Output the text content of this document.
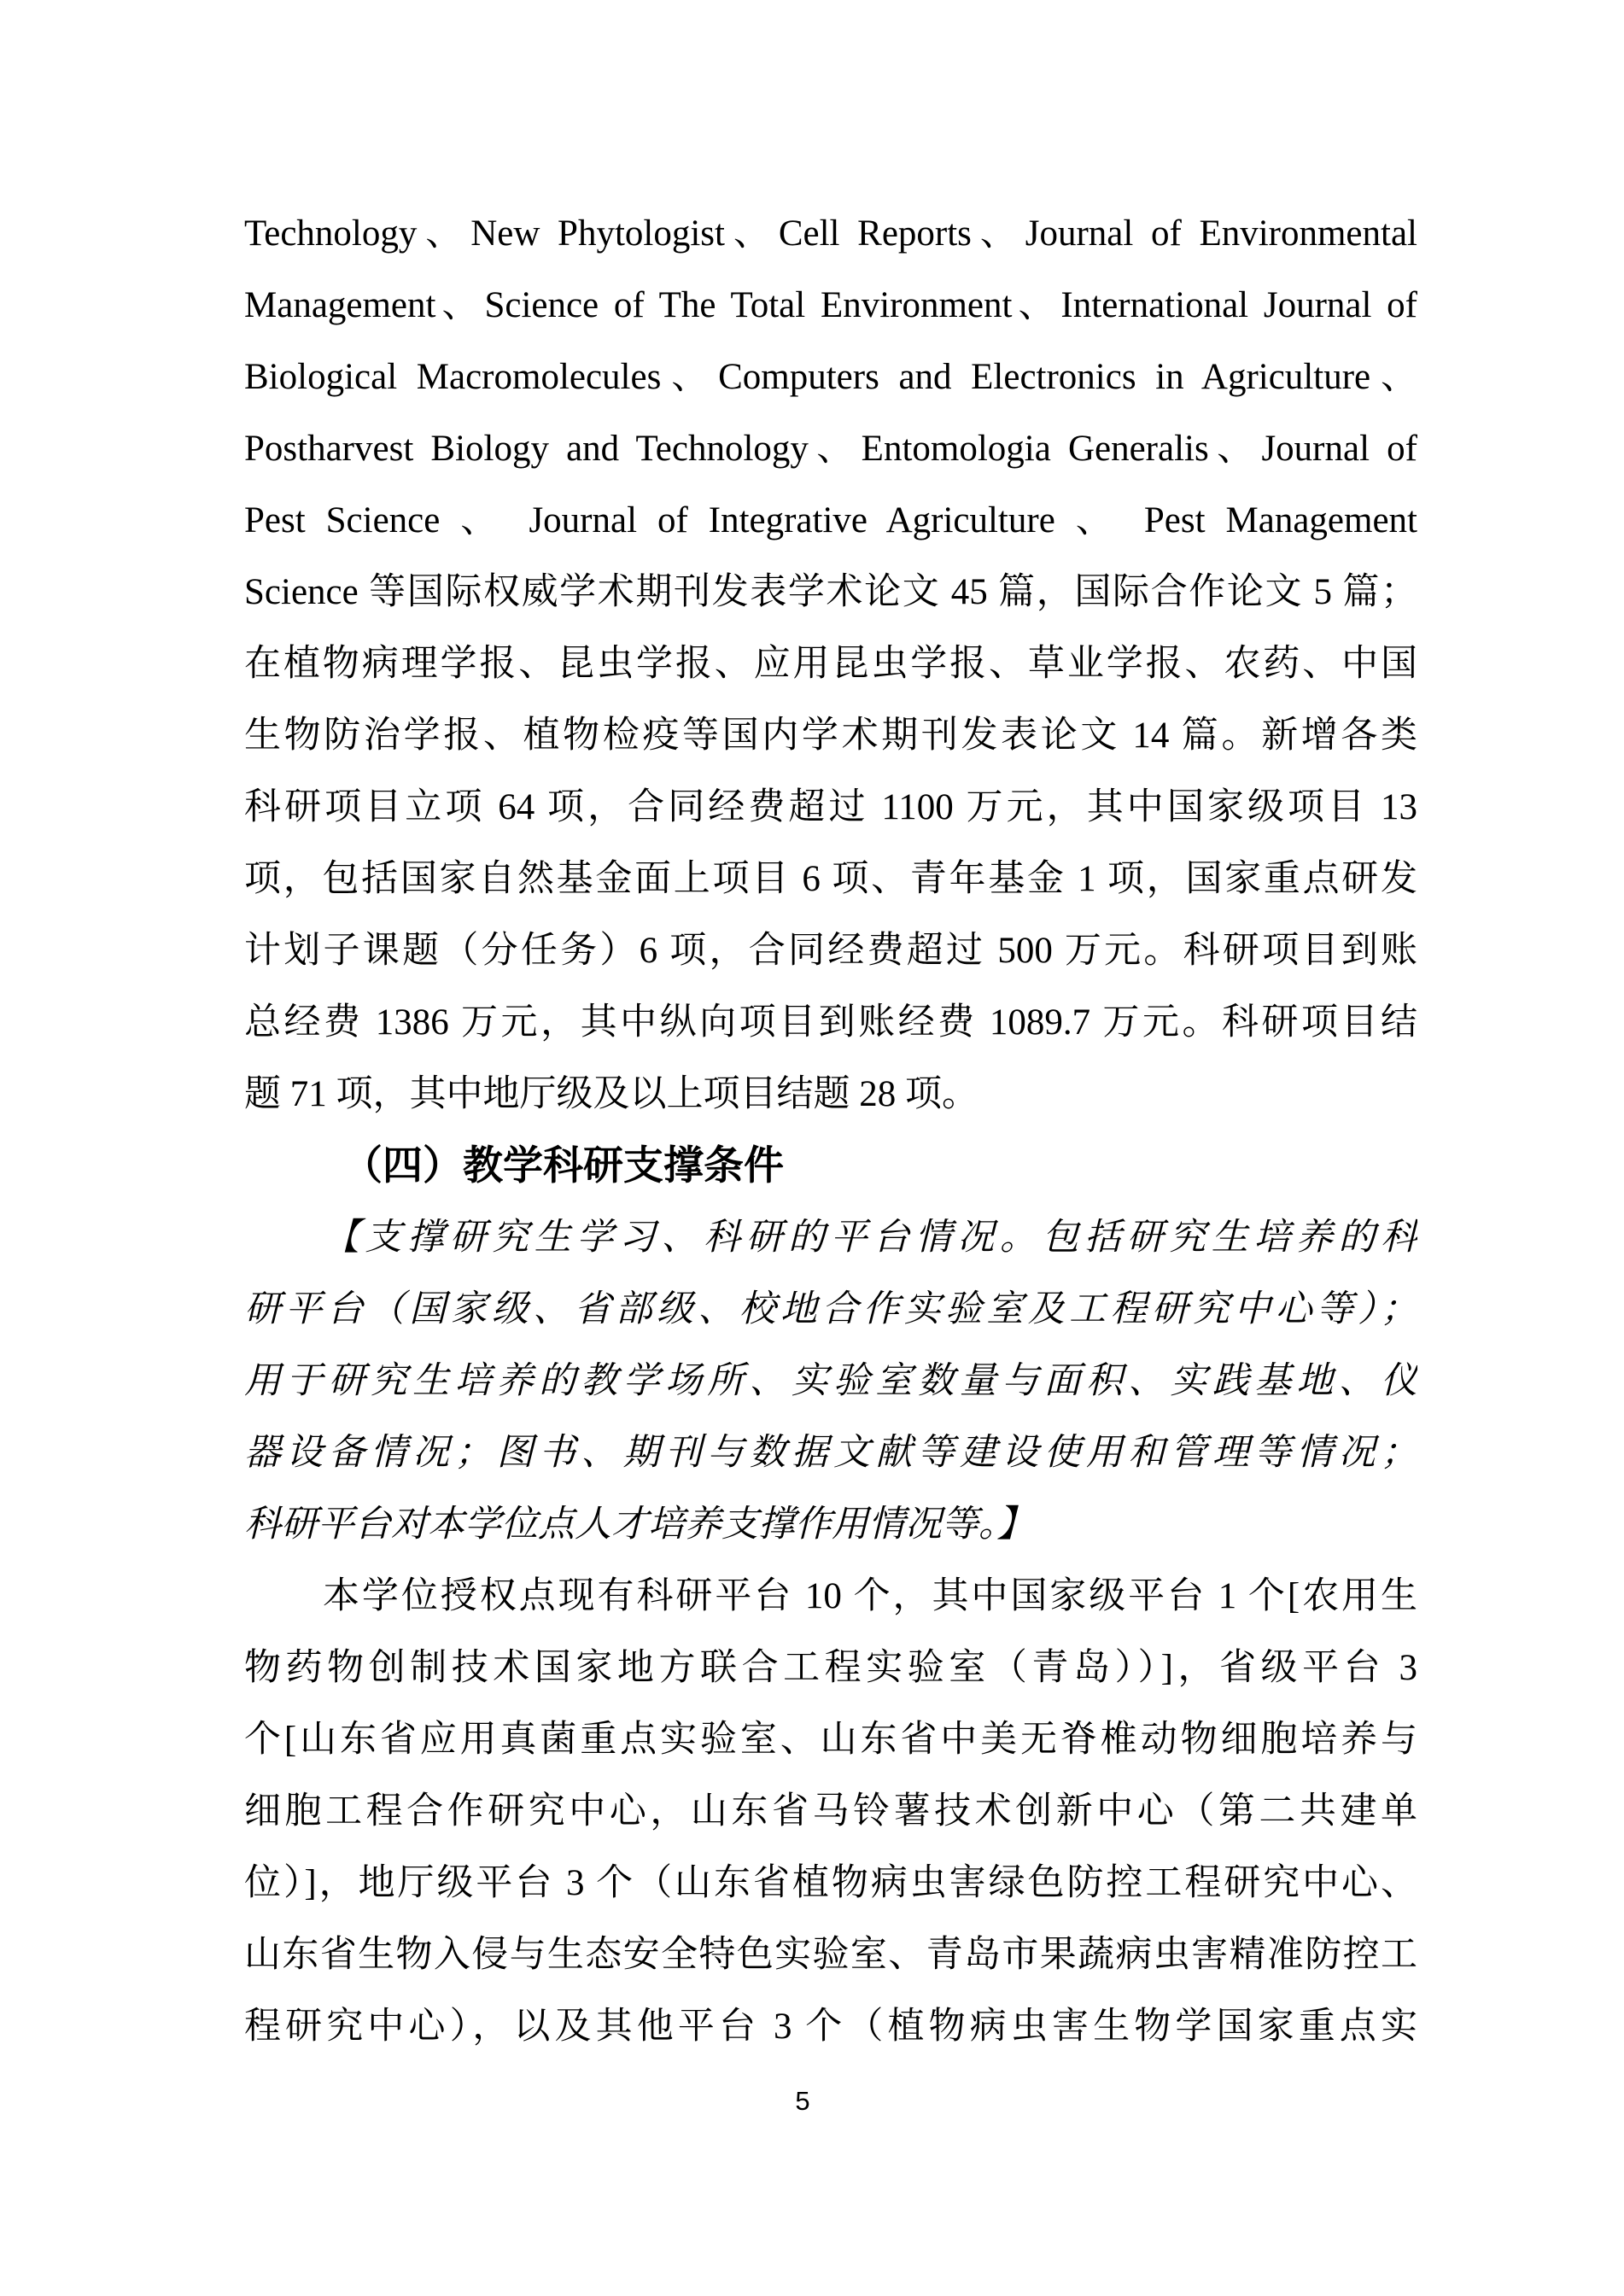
Technology、New Phytologist、Cell Reports、Journal of Environmental
Management、Science of The Total Environment、International Journal of
Biological Macromolecules、Computers and Electronics in Agriculture、
Postharvest Biology and Technology、Entomologia Generalis、Journal of
Pest Science 、 Journal of Integrative Agriculture 、 Pest Management
Science 等国际权威学术期刊发表学术论文 45 篇，国际合作论文 5 篇；
在植物病理学报、昆虫学报、应用昆虫学报、草业学报、农药、中国
生物防治学报、植物检疫等国内学术期刊发表论文 14 篇。新增各类
科研项目立项 64 项，合同经费超过 1100 万元，其中国家级项目 13
项，包括国家自然基金面上项目 6 项、青年基金 1 项，国家重点研发
计划子课题（分任务）6 项，合同经费超过 500 万元。科研项目到账
总经费 1386 万元，其中纵向项目到账经费 1089.7 万元。科研项目结
题 71 项，其中地厅级及以上项目结题 28 项。
（四）教学科研支撑条件
【支撑研究生学习、科研的平台情况。包括研究生培养的科
研平台（国家级、省部级、校地合作实验室及工程研究中心等）；
用于研究生培养的教学场所、实验室数量与面积、实践基地、仪
器设备情况；图书、期刊与数据文献等建设使用和管理等情况；
科研平台对本学位点人才培养支撑作用情况等。】
本学位授权点现有科研平台 10 个，其中国家级平台 1 个[农用生
物药物创制技术国家地方联合工程实验室（青岛））]，省级平台 3
个[山东省应用真菌重点实验室、山东省中美无脊椎动物细胞培养与
细胞工程合作研究中心，山东省马铃薯技术创新中心（第二共建单
位）]，地厅级平台 3 个（山东省植物病虫害绿色防控工程研究中心、
山东省生物入侵与生态安全特色实验室、青岛市果蔬病虫害精准防控工
程研究中心），以及其他平台 3 个（植物病虫害生物学国家重点实
5
